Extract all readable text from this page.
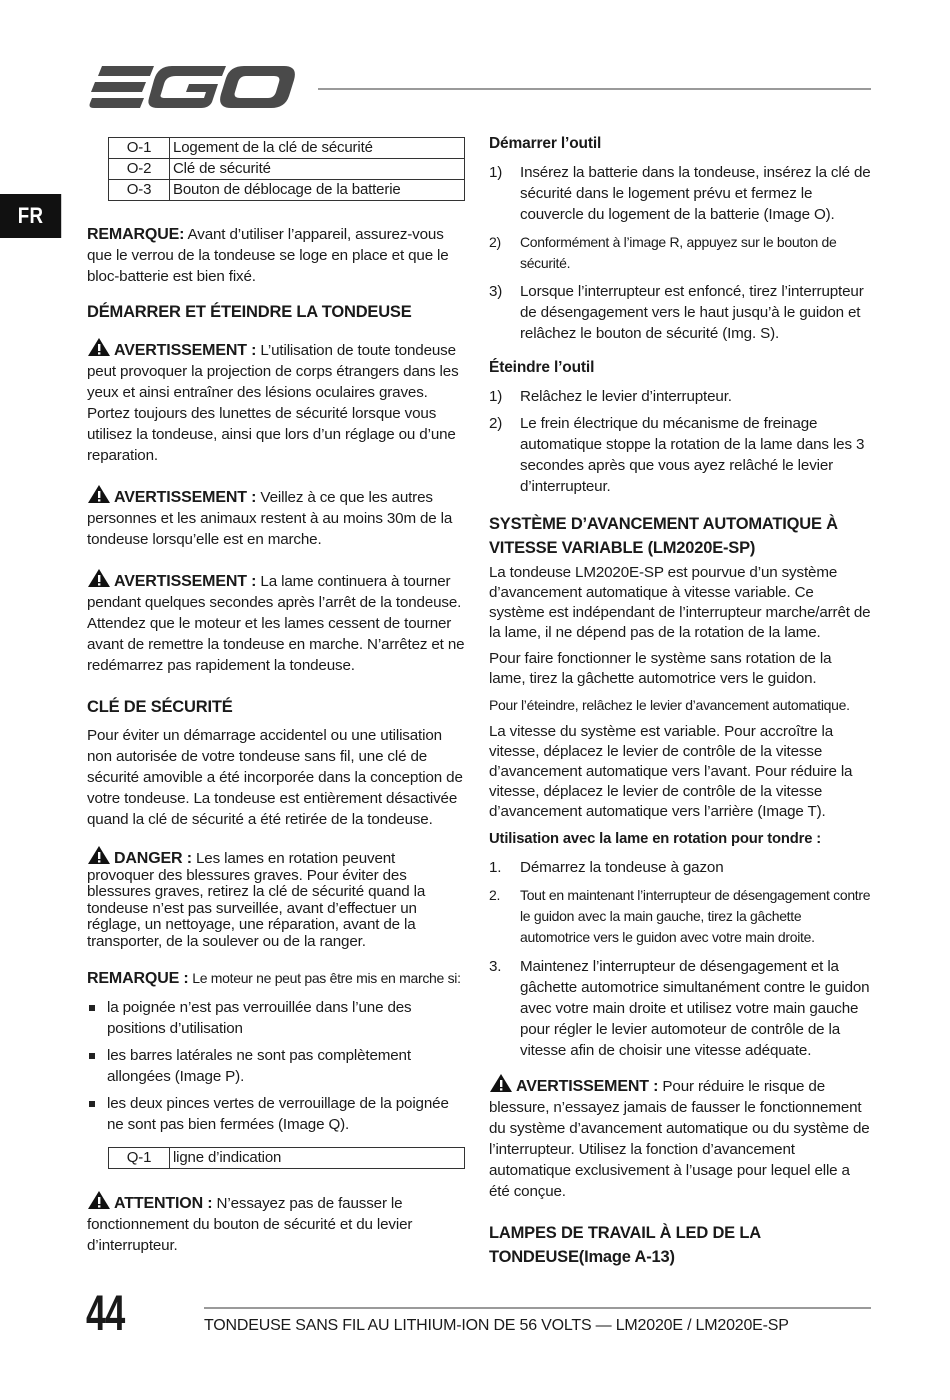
FR
O-1	Logement de la clé de sécurité
O-2	Clé de sécurité
O-3	Bouton de déblocage de la batterie

REMARQUE: Avant d’utiliser l’appareil, assurez-vous que le verrou de la tondeuse se loge en place et que le bloc-batterie est bien fixé.

DÉMARRER ET ÉTEINDRE LA TONDEUSE

AVERTISSEMENT : L’utilisation de toute tondeuse peut provoquer la projection de corps étrangers dans les yeux et ainsi entraîner des lésions oculaires graves. Portez toujours des lunettes de sécurité lorsque vous utilisez la tondeuse, ainsi que lors d’un réglage ou d’une reparation.

AVERTISSEMENT : Veillez à ce que les autres personnes et les animaux restent à au moins 30m de la tondeuse lorsqu’elle est en marche.

AVERTISSEMENT : La lame continuera à tourner pendant quelques secondes après l’arrêt de la tondeuse. Attendez que le moteur et les lames cessent de tourner avant de remettre la tondeuse en marche. N’arrêtez et ne redémarrez pas rapidement la tondeuse.

CLÉ DE SÉCURITÉ

Pour éviter un démarrage accidentel ou une utilisation non autorisée de votre tondeuse sans fil, une clé de sécurité amovible a été incorporée dans la conception de votre tondeuse. La tondeuse est entièrement désactivée quand la clé de sécurité a été retirée de la tondeuse.

DANGER : Les lames en rotation peuvent provoquer des blessures graves. Pour éviter des blessures graves, retirez la clé de sécurité quand la tondeuse n’est pas surveillée, avant d’effectuer un réglage, un nettoyage, une réparation, avant de la transporter, de la soulever ou de la ranger.

REMARQUE : Le moteur ne peut pas être mis en marche si:

la poignée n’est pas verrouillée dans l’une des positions d’utilisation
les barres latérales ne sont pas complètement allongées (Image P).
les deux pinces vertes de verrouillage de la poignée ne sont pas bien fermées (Image Q).
Q-1	ligne d’indication

ATTENTION : N’essayez pas de fausser le fonctionnement du bouton de sécurité et du levier d’interrupteur.

Démarrer l’outil
1) Insérez la batterie dans la tondeuse, insérez la clé de sécurité dans le logement prévu et fermez le couvercle du logement de la batterie (Image O).
2) Conformément à l’image R, appuyez sur le bouton de sécurité.
3) Lorsque l’interrupteur est enfoncé, tirez l’interrupteur de désengagement vers le haut jusqu’à le guidon et relâchez le bouton de sécurité (Img. S).
Éteindre l’outil
1) Relâchez le levier d’interrupteur.
2) Le frein électrique du mécanisme de freinage automatique stoppe la rotation de la lame dans les 3 secondes après que vous ayez relâché le levier d’interrupteur.
SYSTÈME D’AVANCEMENT AUTOMATIQUE À VITESSE VARIABLE (LM2020E-SP)

La tondeuse LM2020E-SP est pourvue d’un système d’avancement automatique à vitesse variable. Ce système est indépendant de l’interrupteur marche/arrêt de la lame, il ne dépend pas de la rotation de la lame.

Pour faire fonctionner le système sans rotation de la lame, tirez la gâchette automotrice vers le guidon.

Pour l’éteindre, relâchez le levier d’avancement automatique.

La vitesse du système est variable. Pour accroître la vitesse, déplacez le levier de contrôle de la vitesse d’avancement automatique vers l’avant. Pour réduire la vitesse, déplacez le levier de contrôle de la vitesse d’avancement automatique vers l’arrière (Image T).

Utilisation avec la lame en rotation pour tondre :
1. Démarrez la tondeuse à gazon
2. Tout en maintenant l’interrupteur de désengagement contre le guidon avec la main gauche, tirez la gâchette automotrice vers le guidon avec votre main droite.
3. Maintenez l’interrupteur de désengagement et la gâchette automotrice simultanément contre le guidon avec votre main droite et utilisez votre main gauche pour régler le levier automoteur de contrôle de la vitesse afin de choisir une vitesse adéquate.

AVERTISSEMENT : Pour réduire le risque de blessure, n’essayez jamais de fausser le fonctionnement du système d’avancement automatique ou du système de l’interrupteur. Utilisez la fonction d’avancement automatique exclusivement à l’usage pour lequel elle a été conçue.

LAMPES DE TRAVAIL À LED DE LA TONDEUSE(Image A-13)
44	TONDEUSE SANS FIL AU LITHIUM-ION DE 56 VOLTS — LM2020E / LM2020E-SP
